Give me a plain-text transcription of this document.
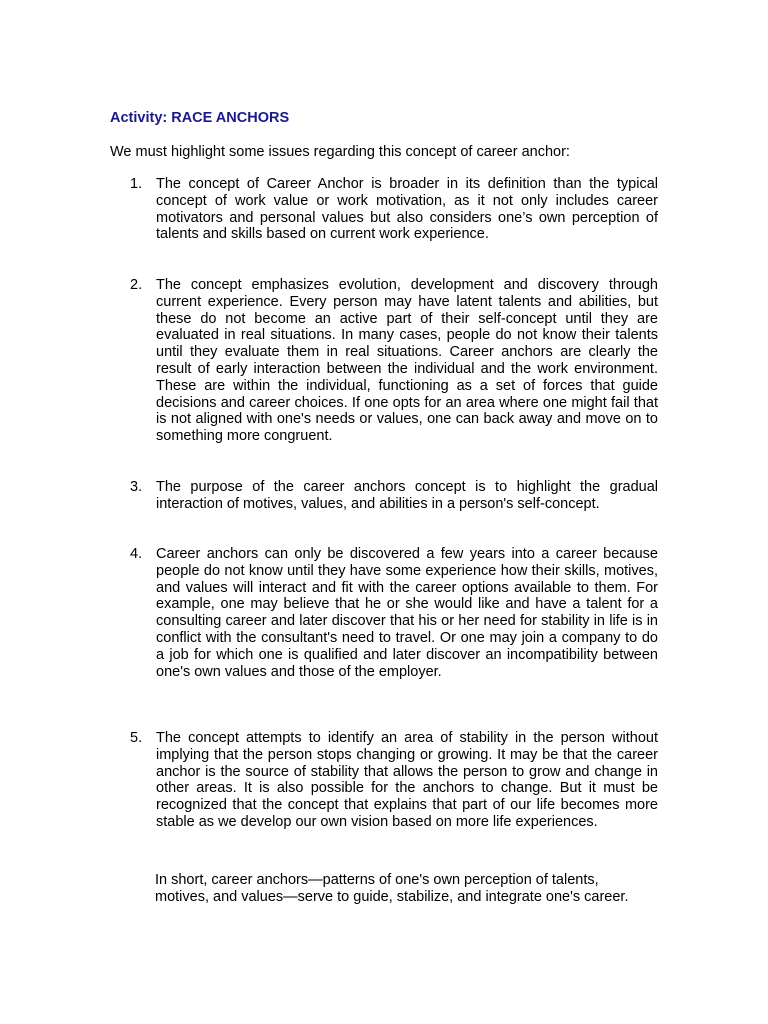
Activity: RACE ANCHORS

We must highlight some issues regarding this concept of career anchor:

1. The concept of Career Anchor is broader in its definition than the typical concept of work value or work motivation, as it not only includes career motivators and personal values but also considers one’s own perception of talents and skills based on current work experience.
2. The concept emphasizes evolution, development and discovery through current experience. Every person may have latent talents and abilities, but these do not become an active part of their self-concept until they are evaluated in real situations. In many cases, people do not know their talents until they evaluate them in real situations. Career anchors are clearly the result of early interaction between the individual and the work environment. These are within the individual, functioning as a set of forces that guide decisions and career choices. If one opts for an area where one might fail that is not aligned with one's needs or values, one can back away and move on to something more congruent.
3. The purpose of the career anchors concept is to highlight the gradual interaction of motives, values, and abilities in a person's self-concept.
4. Career anchors can only be discovered a few years into a career because people do not know until they have some experience how their skills, motives, and values will interact and fit with the career options available to them. For example, one may believe that he or she would like and have a talent for a consulting career and later discover that his or her need for stability in life is in conflict with the consultant's need to travel. Or one may join a company to do a job for which one is qualified and later discover an incompatibility between one's own values and those of the employer.
5. The concept attempts to identify an area of stability in the person without implying that the person stops changing or growing. It may be that the career anchor is the source of stability that allows the person to grow and change in other areas. It is also possible for the anchors to change. But it must be recognized that the concept that explains that part of our life becomes more stable as we develop our own vision based on more life experiences.

In short, career anchors—patterns of one's own perception of talents, motives, and values—serve to guide, stabilize, and integrate one's career.
